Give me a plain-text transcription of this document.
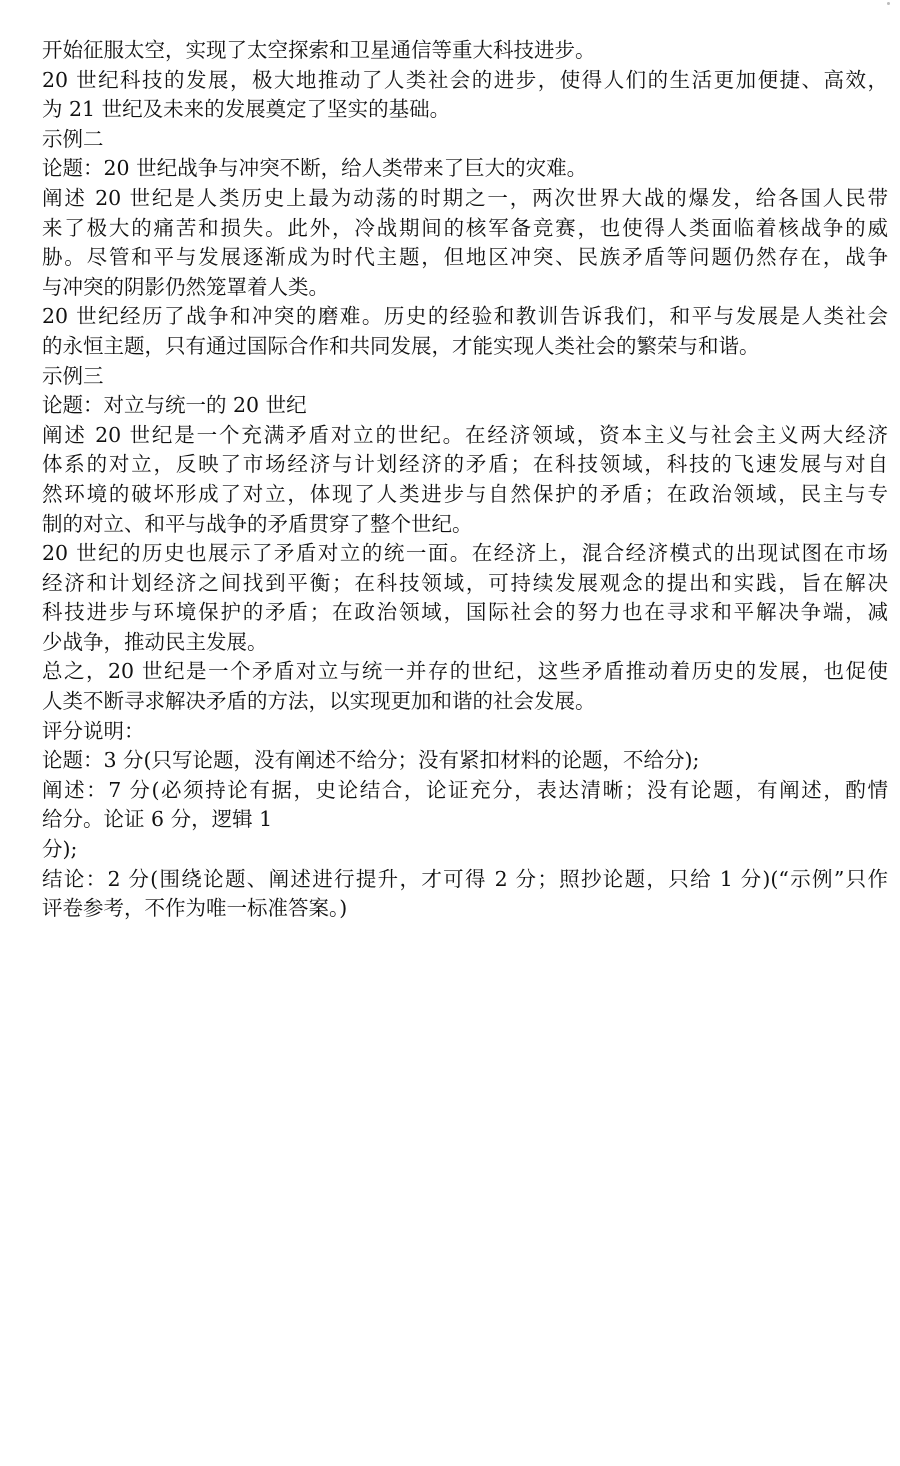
开始征服太空，实现了太空探索和卫星通信等重大科技进步。
20 世纪科技的发展，极大地推动了人类社会的进步，使得人们的生活更加便捷、高效，
为 21 世纪及未来的发展奠定了坚实的基础。
示例二
论题：20 世纪战争与冲突不断，给人类带来了巨大的灾难。
阐述 20 世纪是人类历史上最为动荡的时期之一，两次世界大战的爆发，给各国人民带
来了极大的痛苦和损失。此外，冷战期间的核军备竞赛，也使得人类面临着核战争的威
胁。尽管和平与发展逐渐成为时代主题，但地区冲突、民族矛盾等问题仍然存在，战争
与冲突的阴影仍然笼罩着人类。
20 世纪经历了战争和冲突的磨难。历史的经验和教训告诉我们，和平与发展是人类社会
的永恒主题，只有通过国际合作和共同发展，才能实现人类社会的繁荣与和谐。
示例三
论题：对立与统一的 20 世纪
阐述 20 世纪是一个充满矛盾对立的世纪。在经济领域，资本主义与社会主义两大经济
体系的对立，反映了市场经济与计划经济的矛盾；在科技领域，科技的飞速发展与对自
然环境的破坏形成了对立，体现了人类进步与自然保护的矛盾；在政治领域，民主与专
制的对立、和平与战争的矛盾贯穿了整个世纪。
20 世纪的历史也展示了矛盾对立的统一面。在经济上，混合经济模式的出现试图在市场
经济和计划经济之间找到平衡；在科技领域，可持续发展观念的提出和实践，旨在解决
科技进步与环境保护的矛盾；在政治领域，国际社会的努力也在寻求和平解决争端，减
少战争，推动民主发展。
总之，20 世纪是一个矛盾对立与统一并存的世纪，这些矛盾推动着历史的发展，也促使
人类不断寻求解决矛盾的方法，以实现更加和谐的社会发展。
评分说明：
论题：3 分(只写论题，没有阐述不给分；没有紧扣材料的论题，不给分);
阐述：7 分(必须持论有据，史论结合，论证充分，表达清晰；没有论题，有阐述，酌情
给分。论证 6 分，逻辑 1
分);
结论：2 分(围绕论题、阐述进行提升，才可得 2 分；照抄论题，只给 1 分)(“示例”只作
评卷参考，不作为唯一标准答案。)
